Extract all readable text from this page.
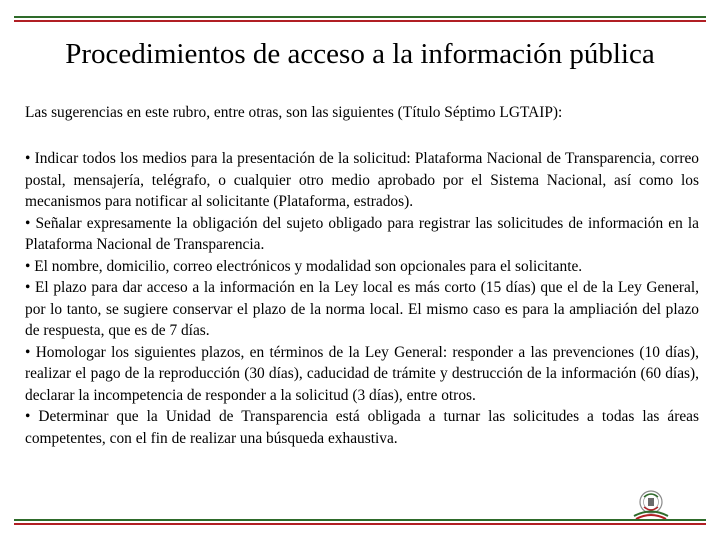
Procedimientos de acceso a la información pública
Las sugerencias en este rubro, entre otras, son las siguientes (Título Séptimo LGTAIP):

• Indicar todos los medios para la presentación de la solicitud: Plataforma Nacional de Transparencia, correo postal, mensajería, telégrafo, o cualquier otro medio aprobado por el Sistema Nacional, así como los mecanismos para notificar al solicitante (Plataforma, estrados).

• Señalar expresamente la obligación del sujeto obligado para registrar las solicitudes de información en la Plataforma Nacional de Transparencia.

• El nombre, domicilio, correo electrónicos y modalidad son opcionales para el solicitante.

• El plazo para dar acceso a la información en la Ley local es más corto (15 días) que el de la Ley General, por lo tanto, se sugiere conservar el plazo de la norma local. El mismo caso es para la ampliación del plazo de respuesta, que es de 7 días.

• Homologar los siguientes plazos, en términos de la Ley General: responder a las prevenciones (10 días), realizar el pago de la reproducción (30 días), caducidad de trámite y destrucción de la información (60 días), declarar la incompetencia de responder a la solicitud (3 días), entre otros.

• Determinar que la Unidad de Transparencia está obligada a turnar las solicitudes a todas las áreas competentes, con el fin de realizar una búsqueda exhaustiva.
